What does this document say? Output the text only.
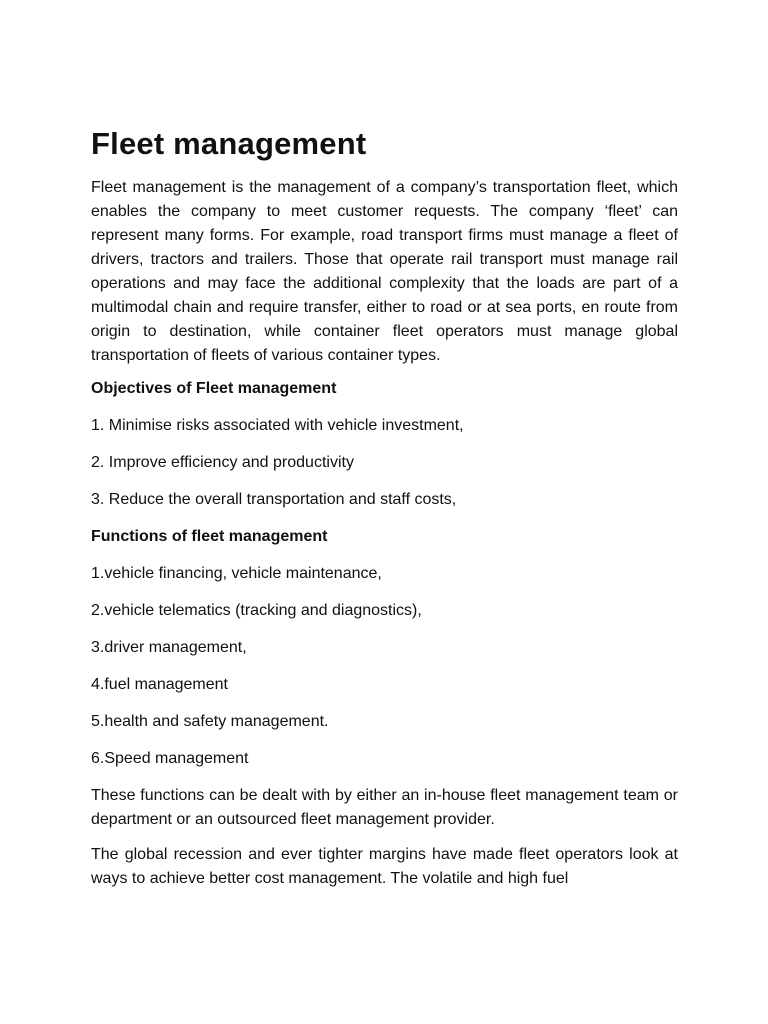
Fleet management

Fleet management is the management of a company’s transportation fleet, which enables the company to meet customer requests. The company ‘fleet’ can represent many forms. For example, road transport firms must manage a fleet of drivers, tractors and trailers. Those that operate rail transport must manage rail operations and may face the additional complexity that the loads are part of a multimodal chain and require transfer, either to road or at sea ports, en route from origin to destination, while container fleet operators must manage global transportation of fleets of various container types.

Objectives of Fleet management
1. Minimise risks associated with vehicle investment,
2. Improve efficiency and productivity
3. Reduce the overall transportation and staff costs,
Functions of fleet management
1.vehicle financing, vehicle maintenance,
2.vehicle telematics (tracking and diagnostics),
3.driver management,
4.fuel management
5.health and safety management.
6.Speed management

These functions can be dealt with by either an in-house fleet management team or department or an outsourced fleet management provider.

The global recession and ever tighter margins have made fleet operators look at ways to achieve better cost management. The volatile and high fuel
